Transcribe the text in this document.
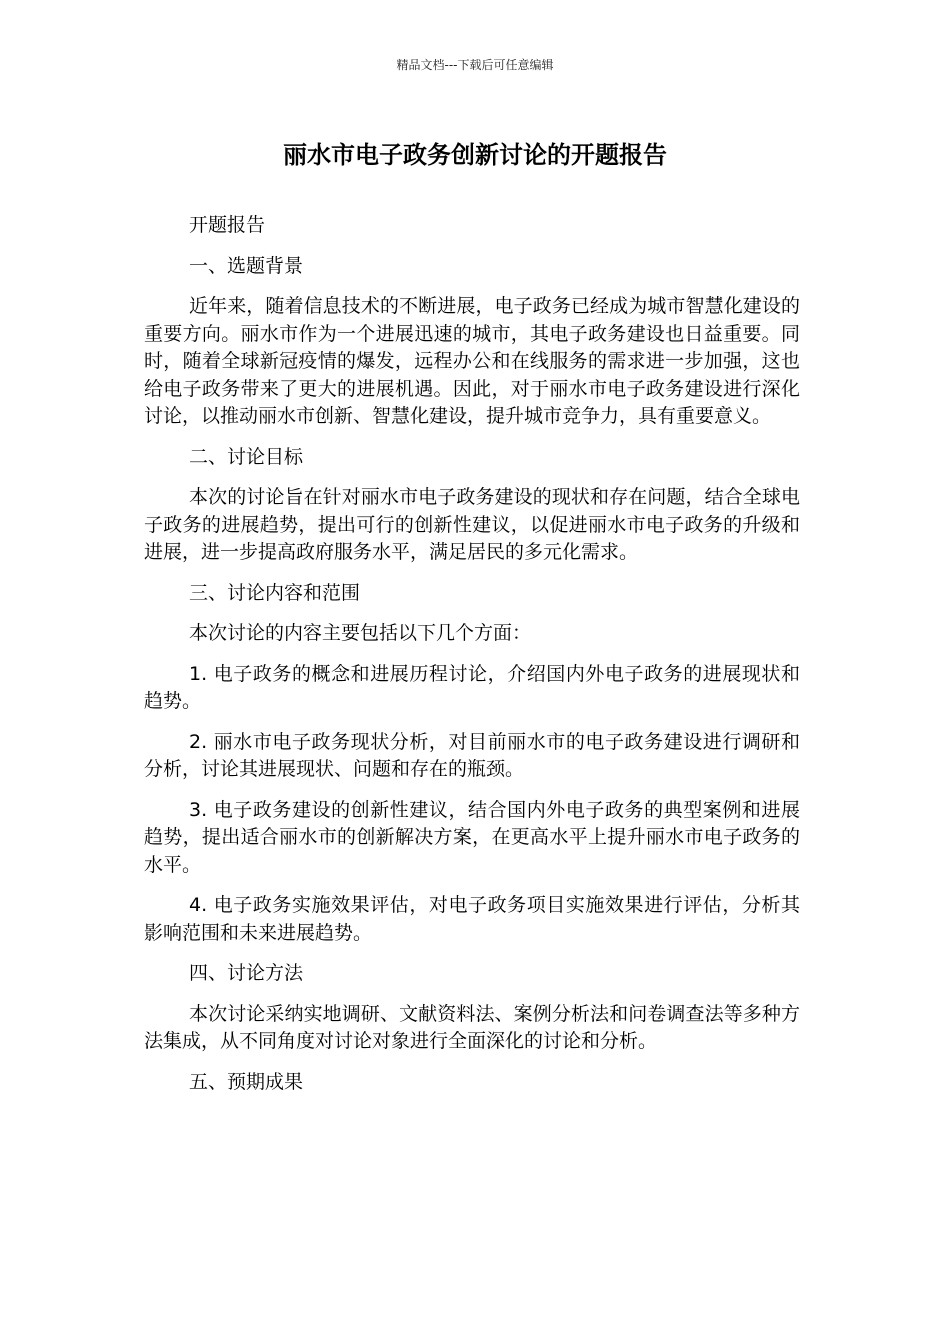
精品文档---下载后可任意编辑
丽水市电子政务创新讨论的开题报告

开题报告

一、选题背景

近年来，随着信息技术的不断进展，电子政务已经成为城市智慧化建设的重要方向。丽水市作为一个进展迅速的城市，其电子政务建设也日益重要。同时，随着全球新冠疫情的爆发，远程办公和在线服务的需求进一步加强，这也给电子政务带来了更大的进展机遇。因此，对于丽水市电子政务建设进行深化讨论，以推动丽水市创新、智慧化建设，提升城市竞争力，具有重要意义。

二、讨论目标

本次的讨论旨在针对丽水市电子政务建设的现状和存在问题，结合全球电子政务的进展趋势，提出可行的创新性建议，以促进丽水市电子政务的升级和进展，进一步提高政府服务水平，满足居民的多元化需求。

三、讨论内容和范围

本次讨论的内容主要包括以下几个方面：

1. 电子政务的概念和进展历程讨论，介绍国内外电子政务的进展现状和趋势。

2. 丽水市电子政务现状分析，对目前丽水市的电子政务建设进行调研和分析，讨论其进展现状、问题和存在的瓶颈。

3. 电子政务建设的创新性建议，结合国内外电子政务的典型案例和进展趋势，提出适合丽水市的创新解决方案，在更高水平上提升丽水市电子政务的水平。

4. 电子政务实施效果评估，对电子政务项目实施效果进行评估，分析其影响范围和未来进展趋势。

四、讨论方法

本次讨论采纳实地调研、文献资料法、案例分析法和问卷调查法等多种方法集成，从不同角度对讨论对象进行全面深化的讨论和分析。

五、预期成果
